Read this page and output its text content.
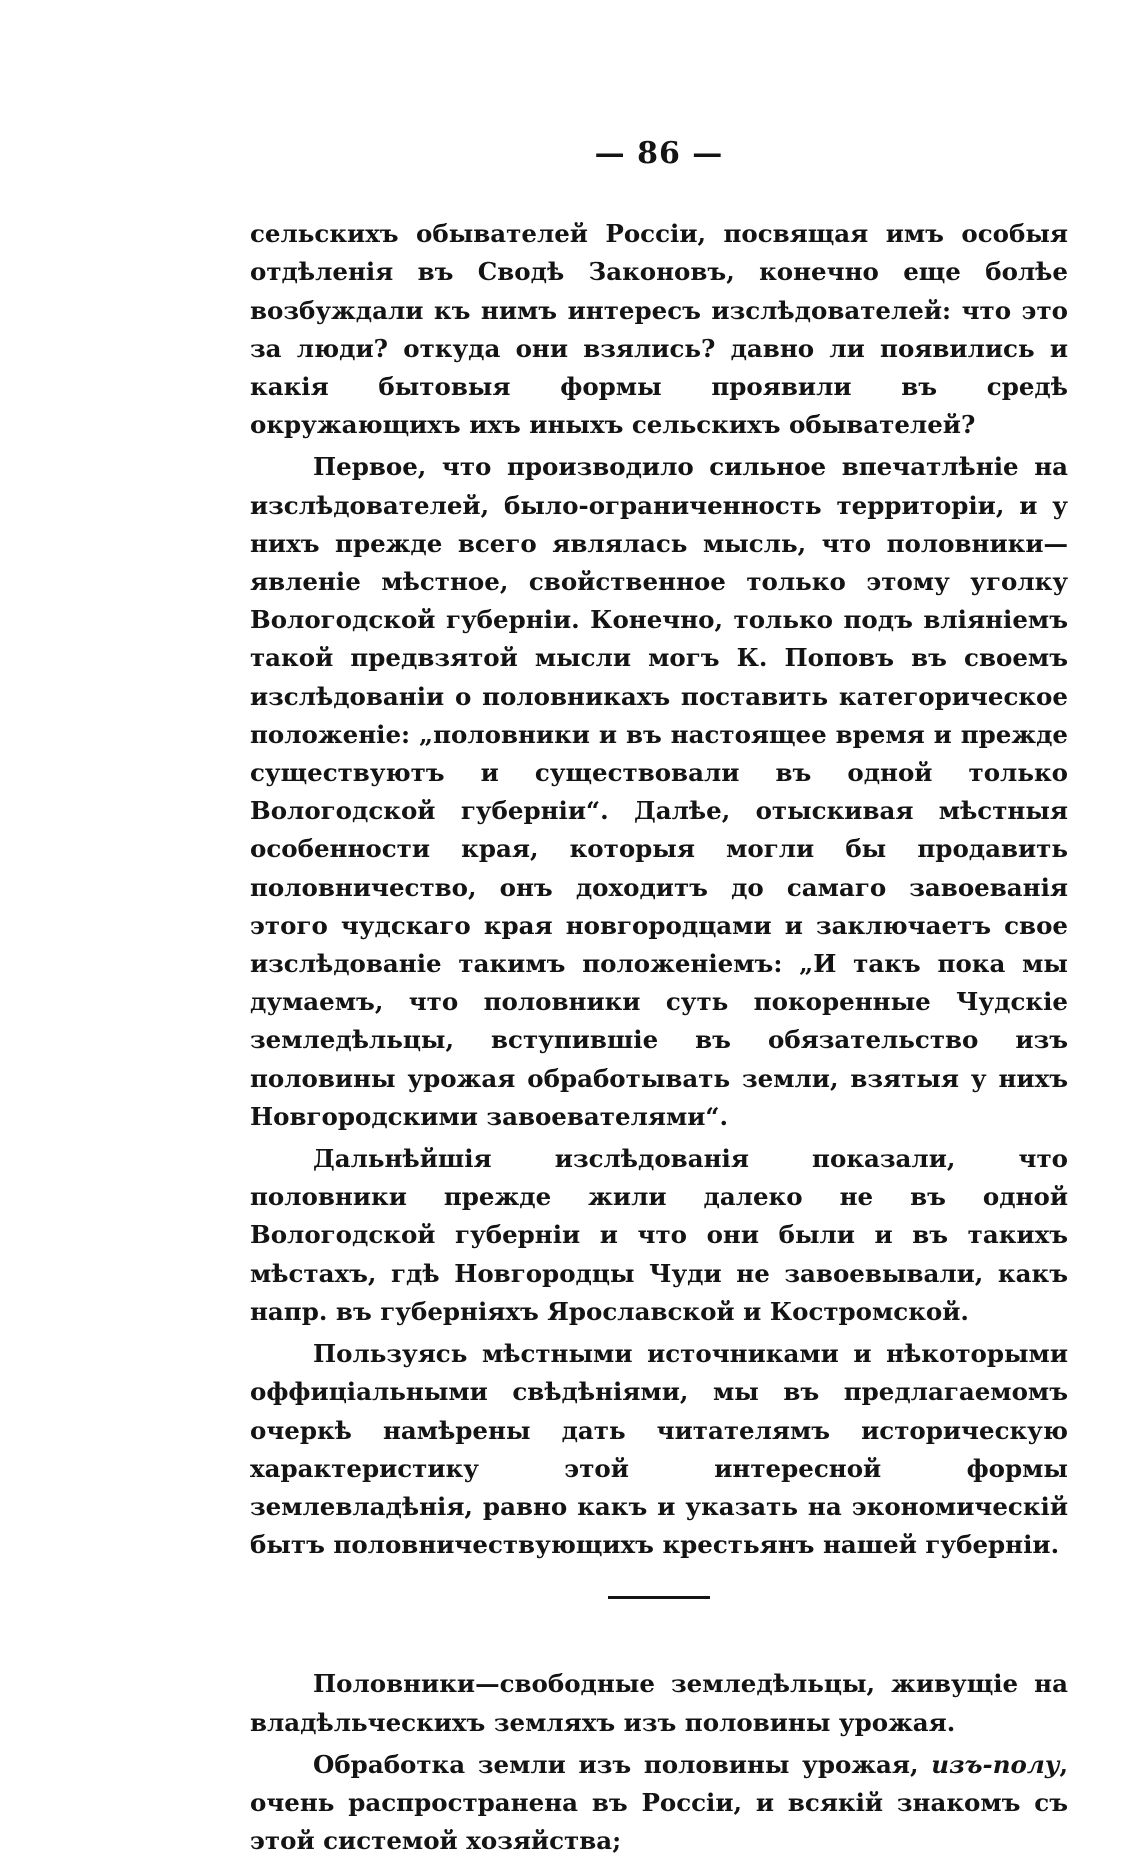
— 86 —

сельскихъ обывателей Россіи, посвящая имъ особыя отдѣленія въ Сводѣ Законовъ, конечно еще болѣе возбуждали къ нимъ интересъ изслѣдователей: что это за люди? откуда они взялись? давно ли появились и какія бытовыя формы проявили въ средѣ окружающихъ ихъ иныхъ сельскихъ обывателей?

Первое, что производило сильное впечатлѣніе на изслѣдователей, было-ограниченность территоріи, и у нихъ прежде всего являлась мысль, что половники—явленіе мѣстное, свойственное только этому уголку Вологодской губерніи. Конечно, только подъ вліяніемъ такой предвзятой мысли могъ К. Поповъ въ своемъ изслѣдованіи о половникахъ поставить категорическое положеніе: „половники и въ настоящее время и прежде существуютъ и существовали въ одной только Вологодской губерніи“. Далѣе, отыскивая мѣстныя особенности края, которыя могли бы продавить половничество, онъ доходитъ до самаго завоеванія этого чудскаго края новгородцами и заключаетъ свое изслѣдованіе такимъ положеніемъ: „И такъ пока мы думаемъ, что половники суть покоренные Чудскіе земледѣльцы, вступившіе въ обязательство изъ половины урожая обработывать земли, взятыя у нихъ Новгородскими завоевателями“.

Дальнѣйшія изслѣдованія показали, что половники прежде жили далеко не въ одной Вологодской губерніи и что они были и въ такихъ мѣстахъ, гдѣ Новгородцы Чуди не завоевывали, какъ напр. въ губерніяхъ Ярославской и Костромской.

Пользуясь мѣстными источниками и нѣкоторыми оффиціальными свѣдѣніями, мы въ предлагаемомъ очеркѣ намѣрены дать читателямъ историческую характеристику этой интересной формы землевладѣнія, равно какъ и указать на экономическій бытъ половничествующихъ крестьянъ нашей губерніи.

Половники—свободные земледѣльцы, живущіе на владѣльческихъ земляхъ изъ половины урожая.

Обработка земли изъ половины урожая, изъ-полу, очень распространена въ Россіи, и всякій знакомъ съ этой системой хозяйства;
